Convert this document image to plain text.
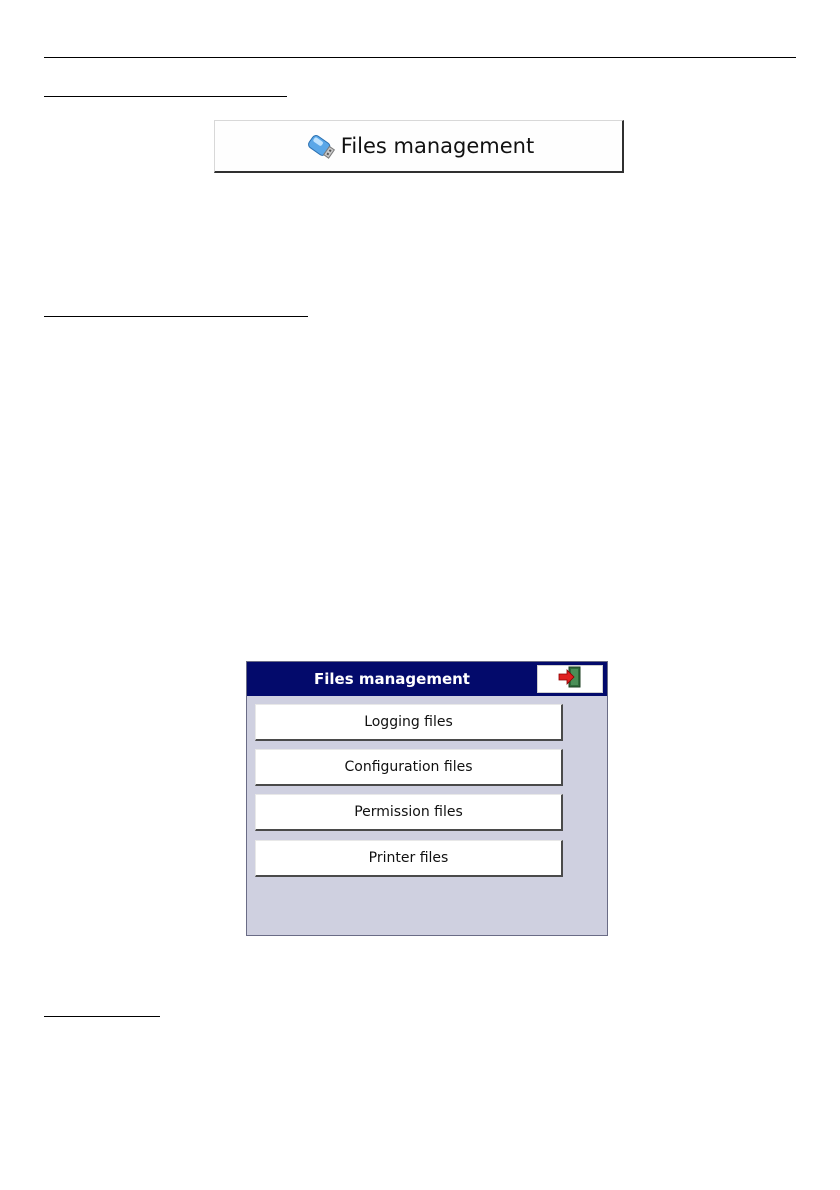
Files management
Files management
Logging files
Configuration files
Permission files
Printer files
